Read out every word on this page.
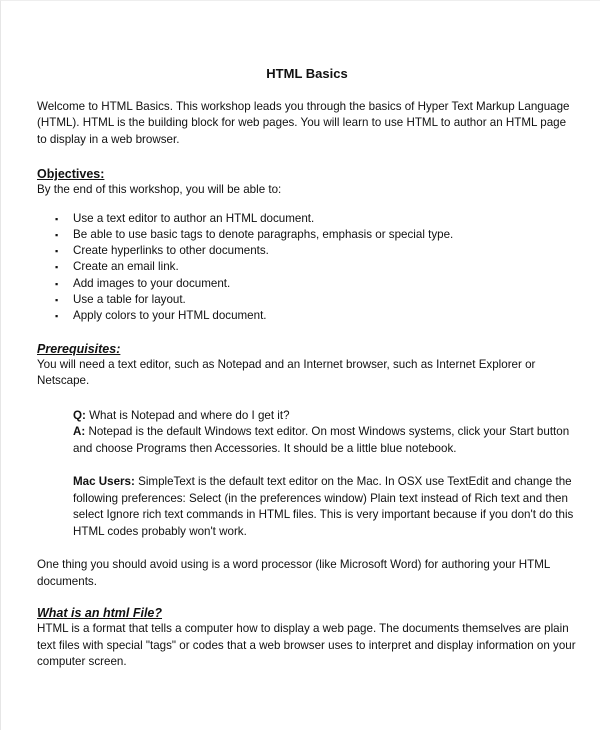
HTML Basics

Welcome to HTML Basics. This workshop leads you through the basics of Hyper Text Markup Language (HTML). HTML is the building block for web pages. You will learn to use HTML to author an HTML page to display in a web browser.

Objectives:

By the end of this workshop, you will be able to:

▪ Use a text editor to author an HTML document.
▪ Be able to use basic tags to denote paragraphs, emphasis or special type.
▪ Create hyperlinks to other documents.
▪ Create an email link.
▪ Add images to your document.
▪ Use a table for layout.
▪ Apply colors to your HTML document.

Prerequisites:

You will need a text editor, such as Notepad and an Internet browser, such as Internet Explorer or Netscape.

Q: What is Notepad and where do I get it?

A: Notepad is the default Windows text editor. On most Windows systems, click your Start button and choose Programs then Accessories. It should be a little blue notebook.

Mac Users: SimpleText is the default text editor on the Mac. In OSX use TextEdit and change the following preferences: Select (in the preferences window) Plain text instead of Rich text and then select Ignore rich text commands in HTML files. This is very important because if you don't do this HTML codes probably won't work.

One thing you should avoid using is a word processor (like Microsoft Word) for authoring your HTML documents.

What is an html File?

HTML is a format that tells a computer how to display a web page. The documents themselves are plain text files with special "tags" or codes that a web browser uses to interpret and display information on your computer screen.
